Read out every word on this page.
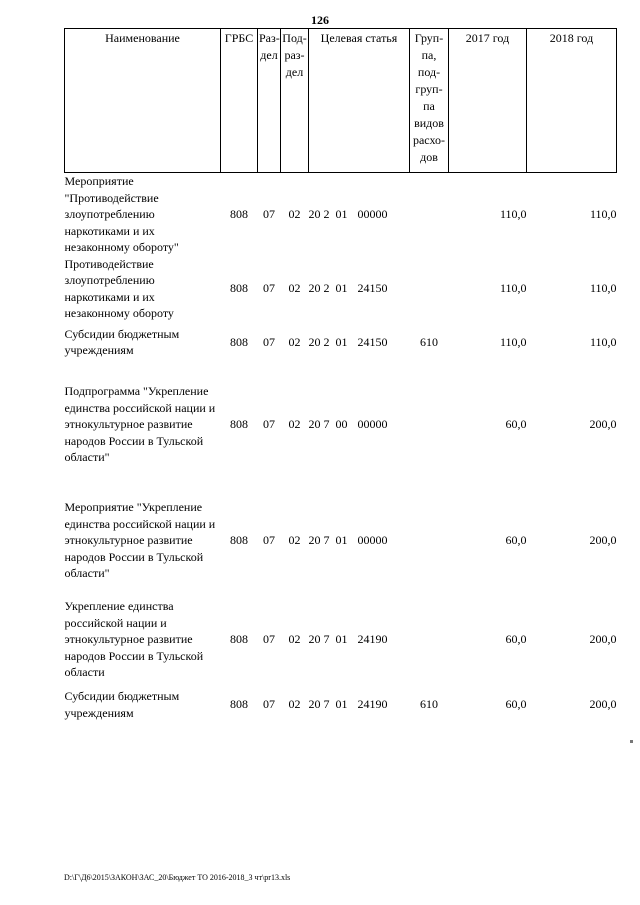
126
Наименование	ГРБС	Раз-дел	Под-раз-дел	Целевая статья	Груп-па, под-груп-па видов расхо-дов	2017 год	2018 год
Мероприятие "Противодействие злоупотреблению наркотиками и их незаконному обороту"	808	07	02	20 2 01 00000		110,0	110,0
Противодействие злоупотреблению наркотиками и их незаконному обороту	808	07	02	20 2 01 24150		110,0	110,0
Субсидии бюджетным учреждениям	808	07	02	20 2 01 24150	610	110,0	110,0
Подпрограмма "Укрепление единства российской нации и этнокультурное развитие народов России в Тульской области"	808	07	02	20 7 00 00000		60,0	200,0
Мероприятие "Укрепление единства российской нации и этнокультурное развитие народов России в Тульской области"	808	07	02	20 7 01 00000		60,0	200,0
Укрепление единства российской нации и этнокультурное развитие народов России в Тульской области	808	07	02	20 7 01 24190		60,0	200,0
Субсидии бюджетным учреждениям	808	07	02	20 7 01 24190	610	60,0	200,0
D:\Г\Д6\2015\ЗАКОН\ЗАС_20\Бюджет ТО 2016-2018_3 чт\pr13.xls
